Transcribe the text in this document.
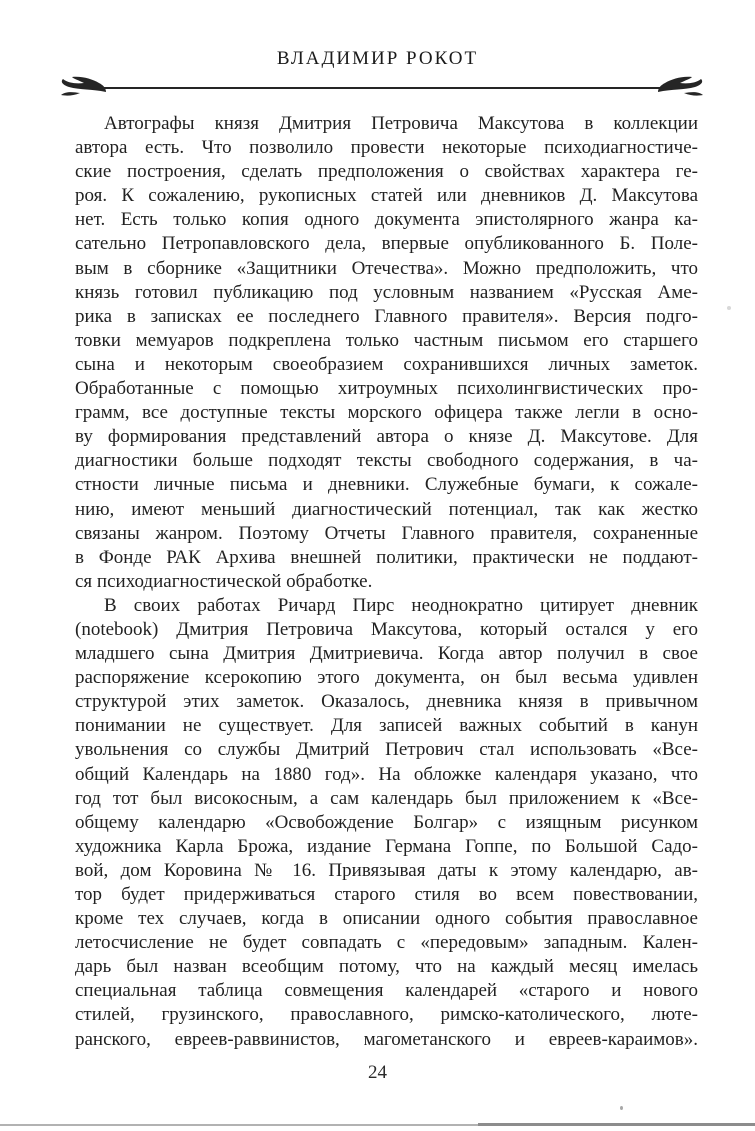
ВЛАДИМИР РОКОТ
Автографы князя Дмитрия Петровича Максутова в коллекции
автора есть. Что позволило провести некоторые психодиагностиче-
ские построения, сделать предположения о свойствах характера ге-
роя. К сожалению, рукописных статей или дневников Д. Максутова
нет. Есть только копия одного документа эпистолярного жанра ка-
сательно Петропавловского дела, впервые опубликованного Б. Поле-
вым в сборнике «Защитники Отечества». Можно предположить, что
князь готовил публикацию под условным названием «Русская Аме-
рика в записках ее последнего Главного правителя». Версия подго-
товки мемуаров подкреплена только частным письмом его старшего
сына и некоторым своеобразием сохранившихся личных заметок.
Обработанные с помощью хитроумных психолингвистических про-
грамм, все доступные тексты морского офицера также легли в осно-
ву формирования представлений автора о князе Д. Максутове. Для
диагностики больше подходят тексты свободного содержания, в ча-
стности личные письма и дневники. Служебные бумаги, к сожале-
нию, имеют меньший диагностический потенциал, так как жестко
связаны жанром. Поэтому Отчеты Главного правителя, сохраненные
в Фонде РАК Архива внешней политики, практически не поддают-
ся психодиагностической обработке.
В своих работах Ричард Пирс неоднократно цитирует дневник
(notebook) Дмитрия Петровича Максутова, который остался у его
младшего сына Дмитрия Дмитриевича. Когда автор получил в свое
распоряжение ксерокопию этого документа, он был весьма удивлен
структурой этих заметок. Оказалось, дневника князя в привычном
понимании не существует. Для записей важных событий в канун
увольнения со службы Дмитрий Петрович стал использовать «Все-
общий Календарь на 1880 год». На обложке календаря указано, что
год тот был високосным, а сам календарь был приложением к «Все-
общему календарю «Освобождение Болгар» с изящным рисунком
художника Карла Брожа, издание Германа Гоппе, по Большой Садо-
вой, дом Коровина № 16. Привязывая даты к этому календарю, ав-
тор будет придерживаться старого стиля во всем повествовании,
кроме тех случаев, когда в описании одного события православное
летосчисление не будет совпадать с «передовым» западным. Кален-
дарь был назван всеобщим потому, что на каждый месяц имелась
специальная таблица совмещения календарей «старого и нового
стилей, грузинского, православного, римско-католического, люте-
ранского, евреев-раввинистов, магометанского и евреев-караимов».
24
